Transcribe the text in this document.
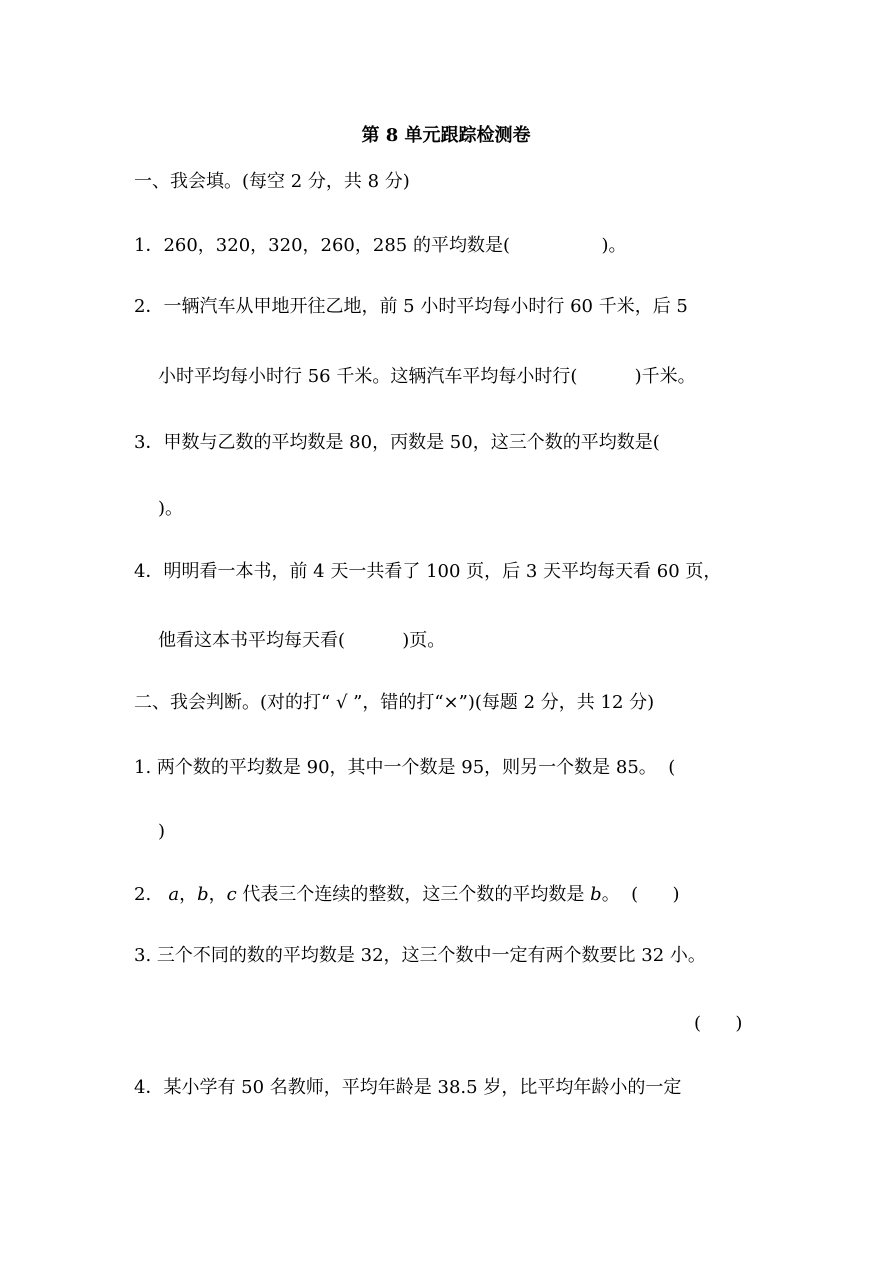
第 8 单元跟踪检测卷
一、我会填。(每空 2 分，共 8 分)
1．260，320，320，260，285 的平均数是(                )。
2．一辆汽车从甲地开往乙地，前 5 小时平均每小时行 60 千米，后 5
小时平均每小时行 56 千米。这辆汽车平均每小时行(          )千米。
3．甲数与乙数的平均数是 80，丙数是 50，这三个数的平均数是(
)。
4．明明看一本书，前 4 天一共看了 100 页，后 3 天平均每天看 60 页，
他看这本书平均每天看(          )页。
二、我会判断。(对的打“ √ ”，错的打“×”)(每题 2 分，共 12 分)
1. 两个数的平均数是 90，其中一个数是 95，则另一个数是 85。  (
)
2.   a，b，c 代表三个连续的整数，这三个数的平均数是 b。  (      )
3. 三个不同的数的平均数是 32，这三个数中一定有两个数要比 32 小。
(      )
4．某小学有 50 名教师，平均年龄是 38.5 岁，比平均年龄小的一定
